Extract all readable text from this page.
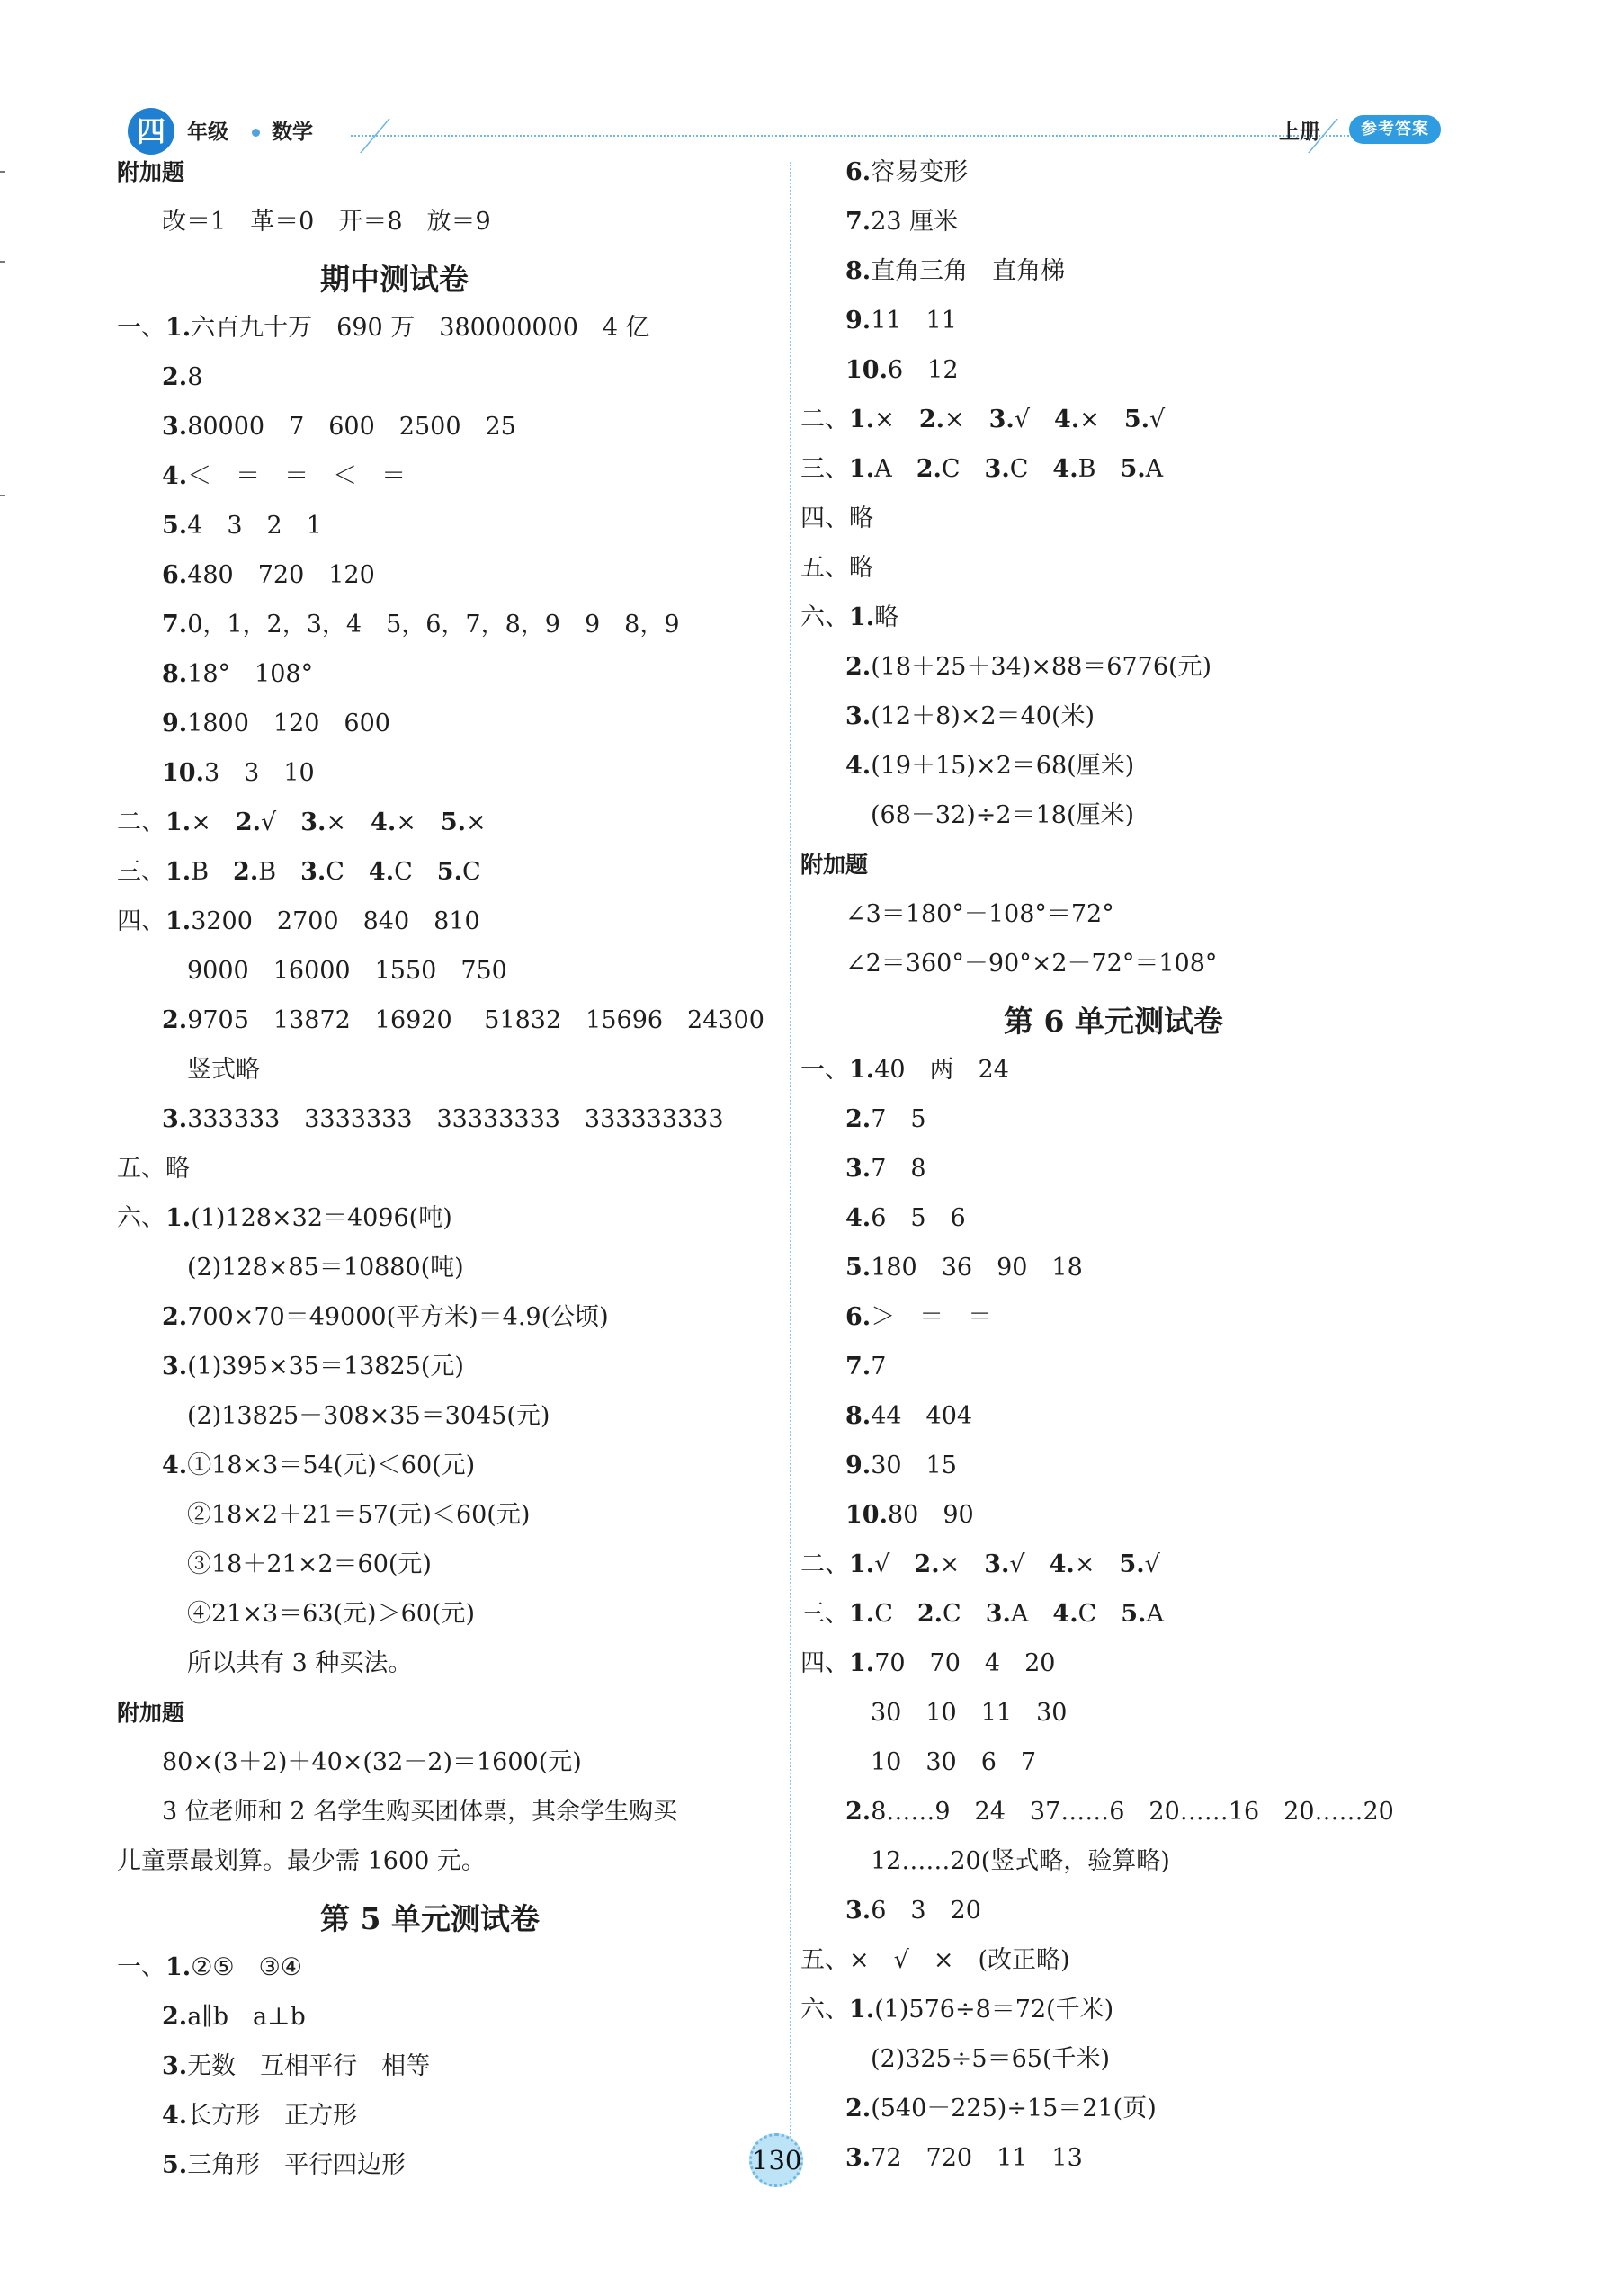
四	年级 数学	上册	参考答案
附加题
改＝1　革＝0　开＝8　放＝9
期中测试卷
一、1.六百九十万　690 万　380000000　4 亿
2.8
3.80000　7　600　2500　25
4.＜　＝　＝　＜　＝
5.4　3　2　1
6.480　720　120
7.0，1，2，3，4　5，6，7，8，9　9　8，9
8.18°　108°
9.1800　120　600
10.3　3　10
二、1.×　2.√　3.×　4.×　5.×
三、1.B　2.B　3.C　4.C　5.C
四、1.3200　2700　840　810
9000　16000　1550　750
2.9705　13872　16920　 51832　15696　24300
竖式略
3.333333　3333333　33333333　333333333
五、略
六、1.(1)128×32＝4096(吨)
(2)128×85＝10880(吨)
2.700×70＝49000(平方米)＝4.9(公顷)
3.(1)395×35＝13825(元)
(2)13825－308×35＝3045(元)
4.①18×3＝54(元)＜60(元)
②18×2＋21＝57(元)＜60(元)
③18＋21×2＝60(元)
④21×3＝63(元)＞60(元)
所以共有 3 种买法。
附加题
80×(3＋2)＋40×(32－2)＝1600(元)
3 位老师和 2 名学生购买团体票，其余学生购买
儿童票最划算。最少需 1600 元。
第 5 单元测试卷
一、1.②⑤　③④
2.a∥b　a⊥b
3.无数　互相平行　相等
4.长方形　正方形
5.三角形　平行四边形
6.容易变形
7.23 厘米
8.直角三角　直角梯
9.11　11
10.6　12
二、1.×　2.×　3.√　4.×　5.√
三、1.A　2.C　3.C　4.B　5.A
四、略
五、略
六、1.略
2.(18＋25＋34)×88＝6776(元)
3.(12＋8)×2＝40(米)
4.(19＋15)×2＝68(厘米)
(68－32)÷2＝18(厘米)
附加题
∠3＝180°－108°＝72°
∠2＝360°－90°×2－72°＝108°
第 6 单元测试卷
一、1.40　两　24
2.7　5
3.7　8
4.6　5　6
5.180　36　90　18
6.＞　＝　＝
7.7
8.44　404
9.30　15
10.80　90
二、1.√　2.×　3.√　4.×　5.√
三、1.C　2.C　3.A　4.C　5.A
四、1.70　70　4　20
30　10　11　30
10　30　6　7
2.8……9　24　37……6　20……16　20……20
12……20(竖式略，验算略)
3.6　3　20
五、×　√　×　(改正略)
六、1.(1)576÷8＝72(千米)
(2)325÷5＝65(千米)
2.(540－225)÷15＝21(页)
3.72　720　11　13
130
